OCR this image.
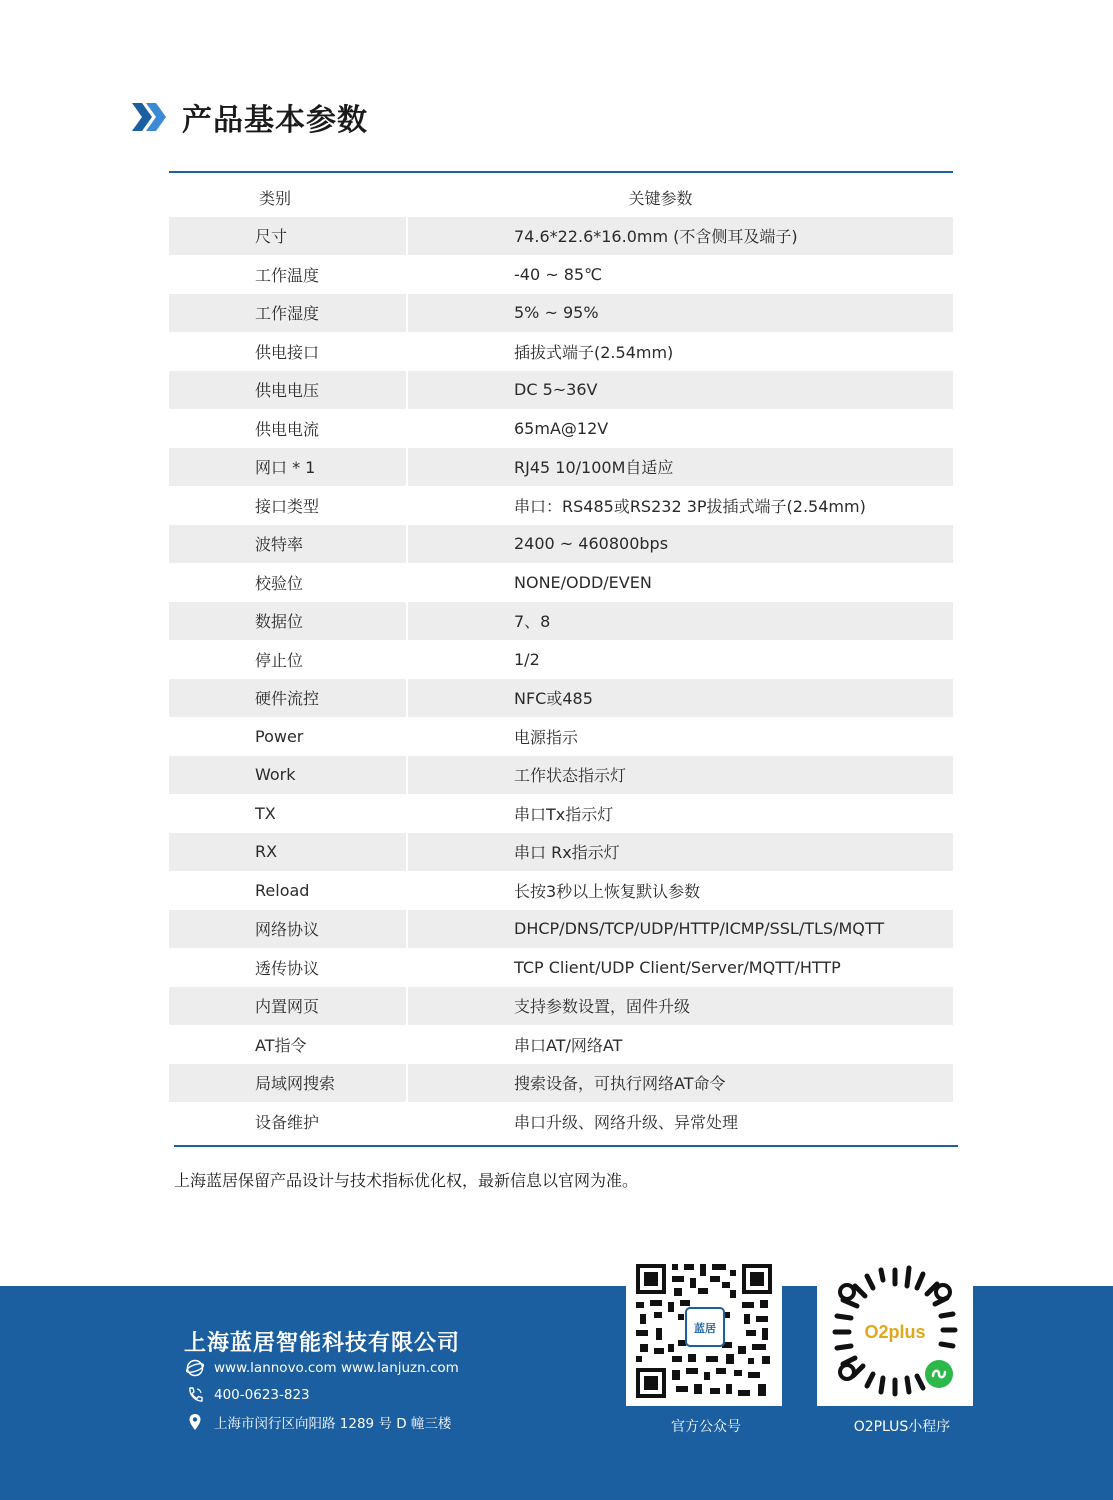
产品基本参数
类别	关键参数
尺寸	74.6*22.6*16.0mm (不含侧耳及端子)
工作温度	-40 ~ 85℃
工作湿度	5% ~ 95%
供电接口	插拔式端子(2.54mm)
供电电压	DC 5~36V
供电电流	65mA@12V
网口 * 1	RJ45 10/100M自适应
接口类型	串口：RS485或RS232 3P拔插式端子(2.54mm)
波特率	2400 ~ 460800bps
校验位	NONE/ODD/EVEN
数据位	7、8
停止位	1/2
硬件流控	NFC或485
Power	电源指示
Work	工作状态指示灯
TX	串口Tx指示灯
RX	串口 Rx指示灯
Reload	长按3秒以上恢复默认参数
网络协议	DHCP/DNS/TCP/UDP/HTTP/ICMP/SSL/TLS/MQTT
透传协议	TCP Client/UDP Client/Server/MQTT/HTTP
内置网页	支持参数设置，固件升级
AT指令	串口AT/网络AT
局域网搜索	搜索设备，可执行网络AT命令
设备维护	串口升级、网络升级、异常处理
上海蓝居保留产品设计与技术指标优化权，最新信息以官网为准。
上海蓝居智能科技有限公司
www.lannovo.com www.lanjuzn.com
400-0623-823
上海市闵行区向阳路 1289 号 D 幢三楼
蓝居
官方公众号
O2plus
O2PLUS小程序
